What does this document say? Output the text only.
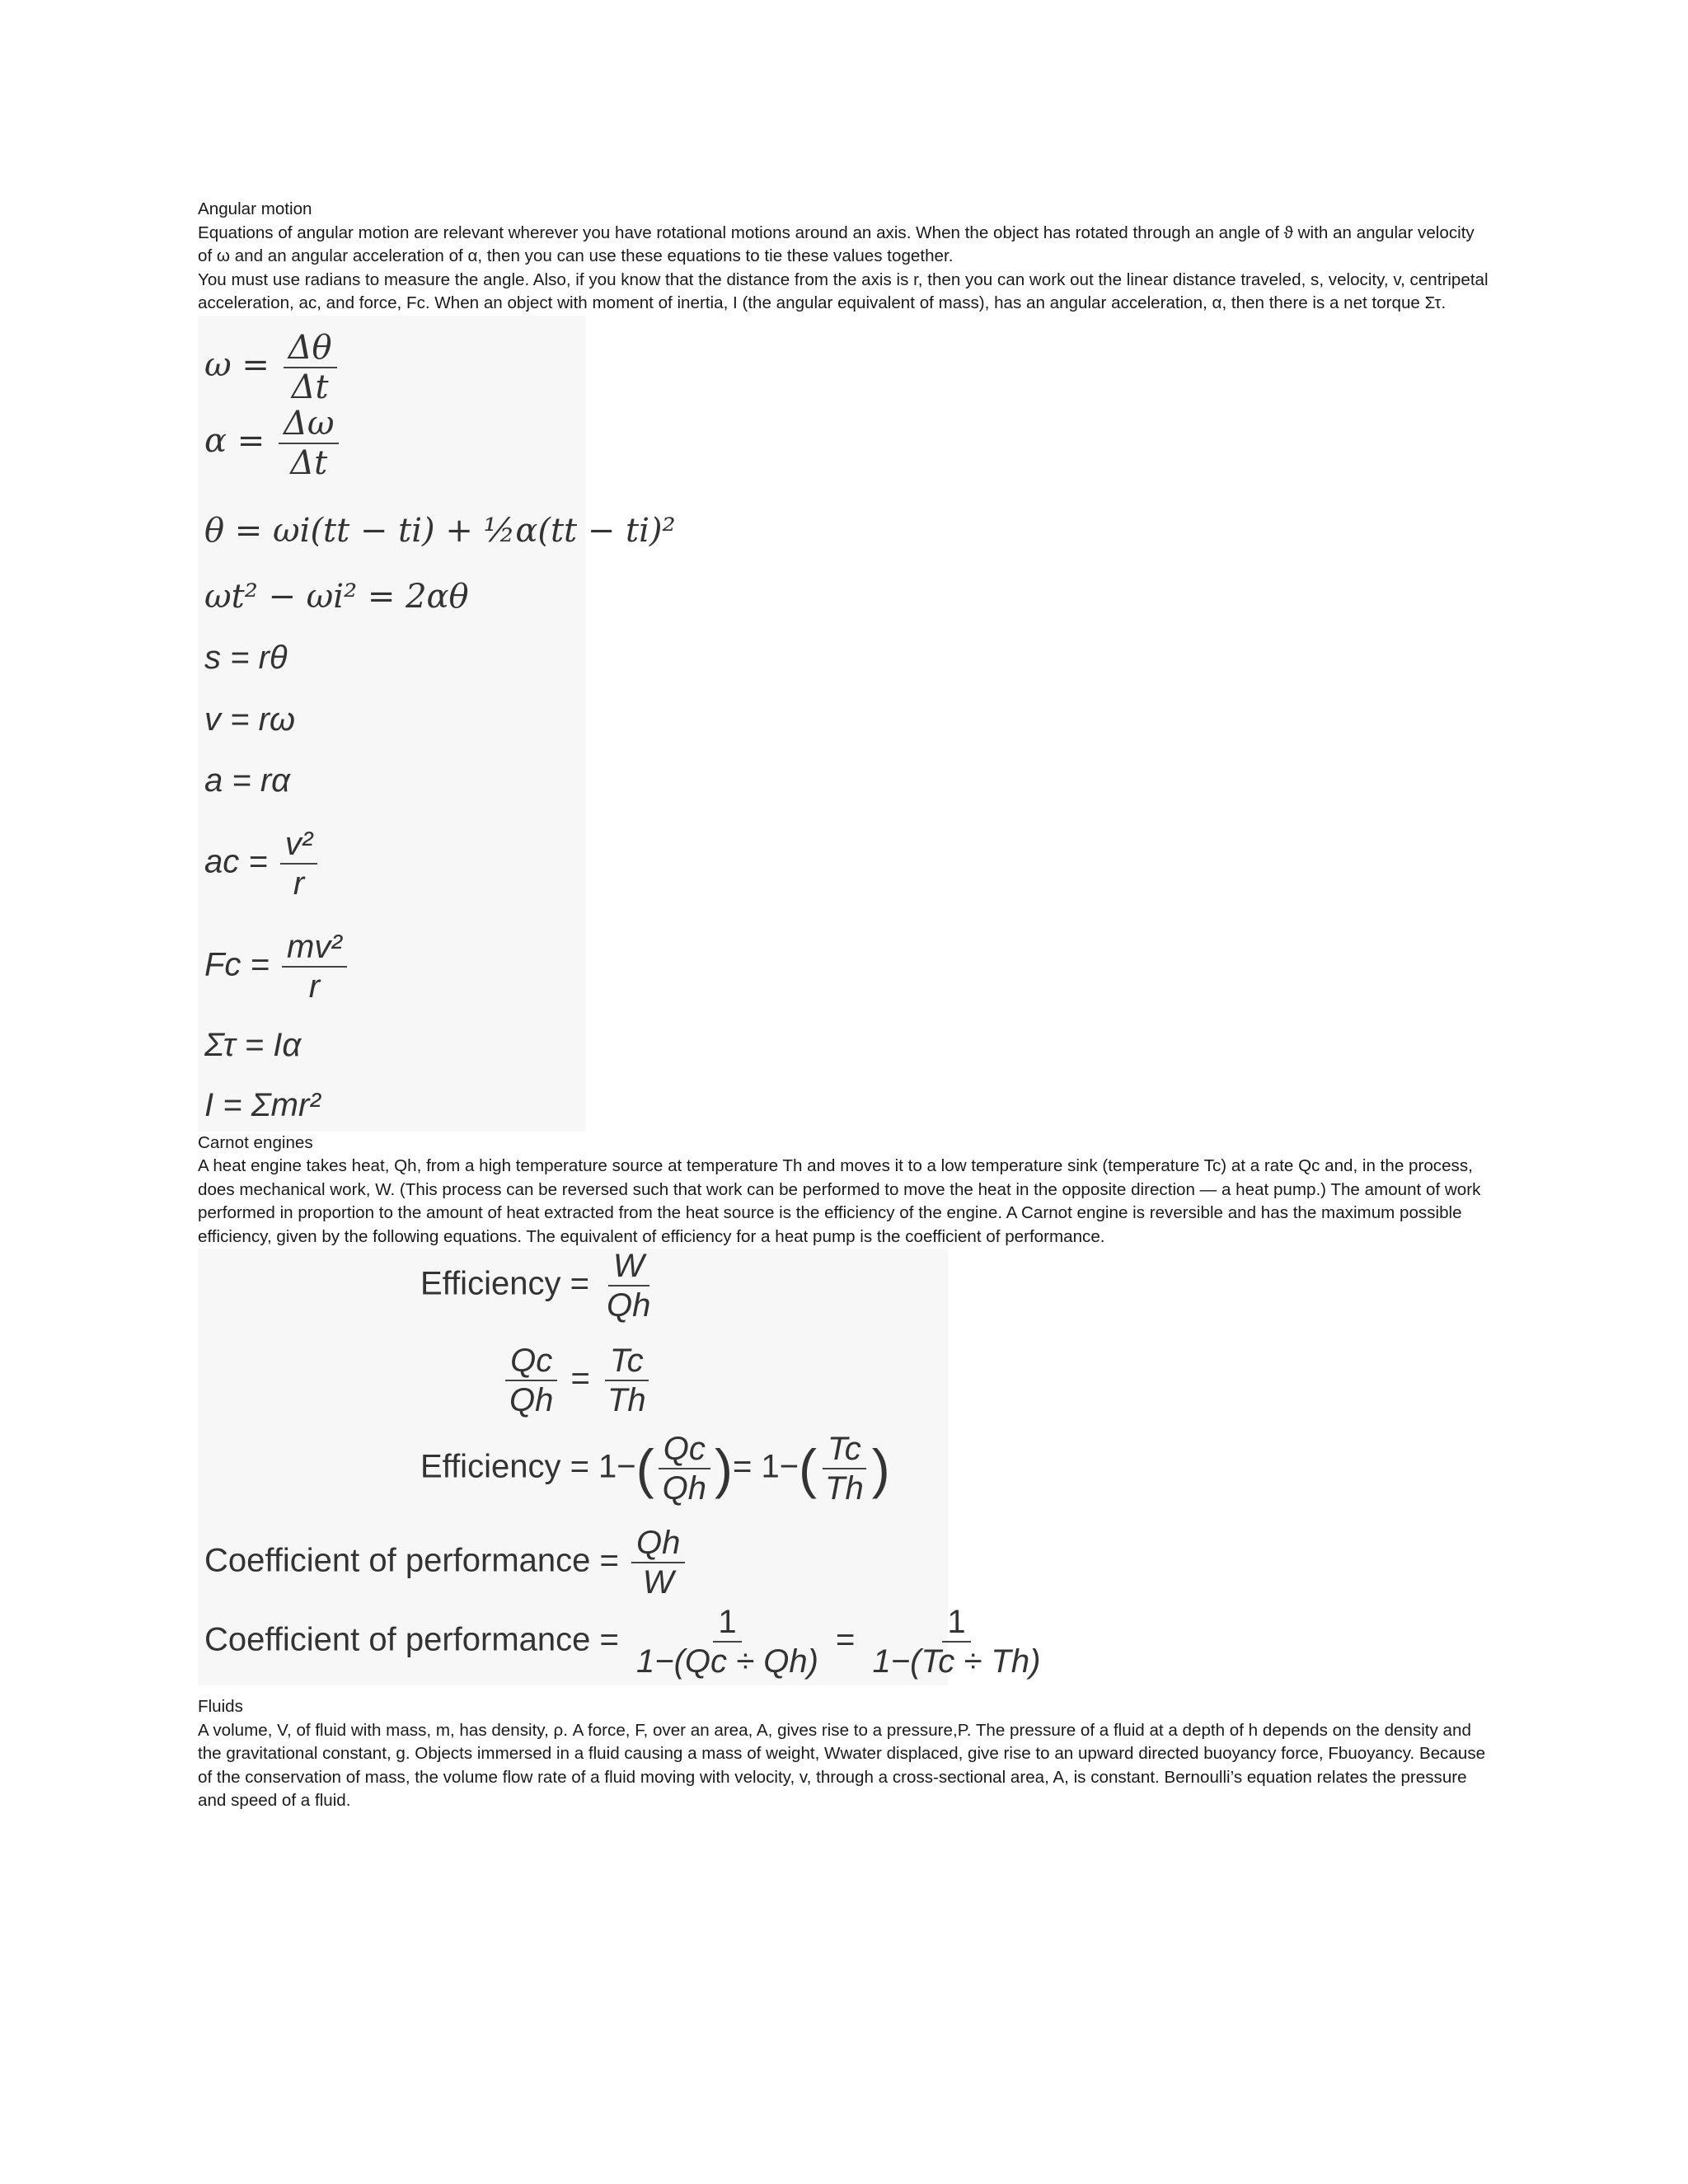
Angular motion

Equations of angular motion are relevant wherever you have rotational motions around an axis. When the object has rotated through an angle of ϑ with an angular velocity of ω and an angular acceleration of α, then you can use these equations to tie these values together.

You must use radians to measure the angle. Also, if you know that the distance from the axis is r, then you can work out the linear distance traveled, s, velocity, v, centripetal acceleration, ac, and force, Fc. When an object with moment of inertia, I (the angular equivalent of mass), has an angular acceleration, α, then there is a net torque Στ.

$\omega = \frac{\Delta\theta}{\Delta t}$
$\alpha = \frac{\Delta\omega}{\Delta t}$
θ = ωi(tt − ti) + ½α(tt − ti)²
ωt² − ωi² = 2αθ
s = rθ
v = rω
a = rα
ac = $\frac{\text{v²}}{r}$
$Fc = \frac{\text{mv²}}{r}$
Στ = Iα
I = Σmr²

Carnot engines

A heat engine takes heat, Qh, from a high temperature source at temperature Th and moves it to a low temperature sink (temperature Tc) at a rate Qc and, in the process, does mechanical work, W. (This process can be reversed such that work can be performed to move the heat in the opposite direction — a heat pump.) The amount of work performed in proportion to the amount of heat extracted from the heat source is the efficiency of the engine. A Carnot engine is reversible and has the maximum possible efficiency, given by the following equations. The equivalent of efficiency for a heat pump is the coefficient of performance.

Efficiency = $\frac{W}{Qh}$
$\frac{Qc}{Qh} = \frac{Tc}{Th}$
Efficiency = $1-( \frac{Qc}{Qh}$ )= $1-( \frac{Tc}{Th}$ )
Coefficient of performance = $\frac{Qh}{W}$
Coefficient of performance = $\frac{1}{1-(Qc \div Qh)} = \frac{1}{1-(Tc \div Th)}$

Fluids

A volume, V, of fluid with mass, m, has density, ρ. A force, F, over an area, A, gives rise to a pressure,P. The pressure of a fluid at a depth of h depends on the density and the gravitational constant, g. Objects immersed in a fluid causing a mass of weight, Wwater displaced, give rise to an upward directed buoyancy force, Fbuoyancy. Because of the conservation of mass, the volume flow rate of a fluid moving with velocity, v, through a cross-sectional area, A, is constant. Bernoulli’s equation relates the pressure and speed of a fluid.
